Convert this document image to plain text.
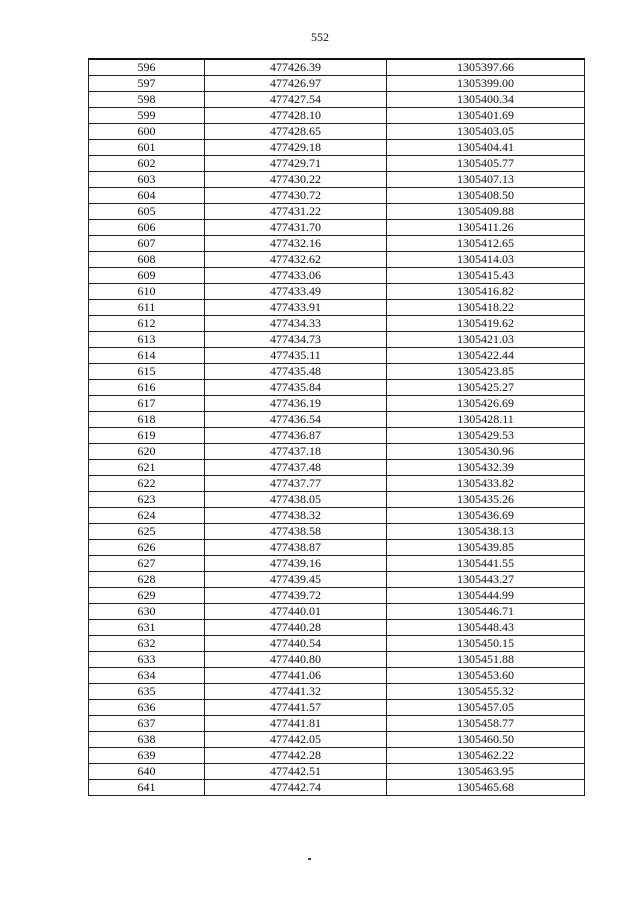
552
596	477426.39	1305397.66
597	477426.97	1305399.00
598	477427.54	1305400.34
599	477428.10	1305401.69
600	477428.65	1305403.05
601	477429.18	1305404.41
602	477429.71	1305405.77
603	477430.22	1305407.13
604	477430.72	1305408.50
605	477431.22	1305409.88
606	477431.70	1305411.26
607	477432.16	1305412.65
608	477432.62	1305414.03
609	477433.06	1305415.43
610	477433.49	1305416.82
611	477433.91	1305418.22
612	477434.33	1305419.62
613	477434.73	1305421.03
614	477435.11	1305422.44
615	477435.48	1305423.85
616	477435.84	1305425.27
617	477436.19	1305426.69
618	477436.54	1305428.11
619	477436.87	1305429.53
620	477437.18	1305430.96
621	477437.48	1305432.39
622	477437.77	1305433.82
623	477438.05	1305435.26
624	477438.32	1305436.69
625	477438.58	1305438.13
626	477438.87	1305439.85
627	477439.16	1305441.55
628	477439.45	1305443.27
629	477439.72	1305444.99
630	477440.01	1305446.71
631	477440.28	1305448.43
632	477440.54	1305450.15
633	477440.80	1305451.88
634	477441.06	1305453.60
635	477441.32	1305455.32
636	477441.57	1305457.05
637	477441.81	1305458.77
638	477442.05	1305460.50
639	477442.28	1305462.22
640	477442.51	1305463.95
641	477442.74	1305465.68
